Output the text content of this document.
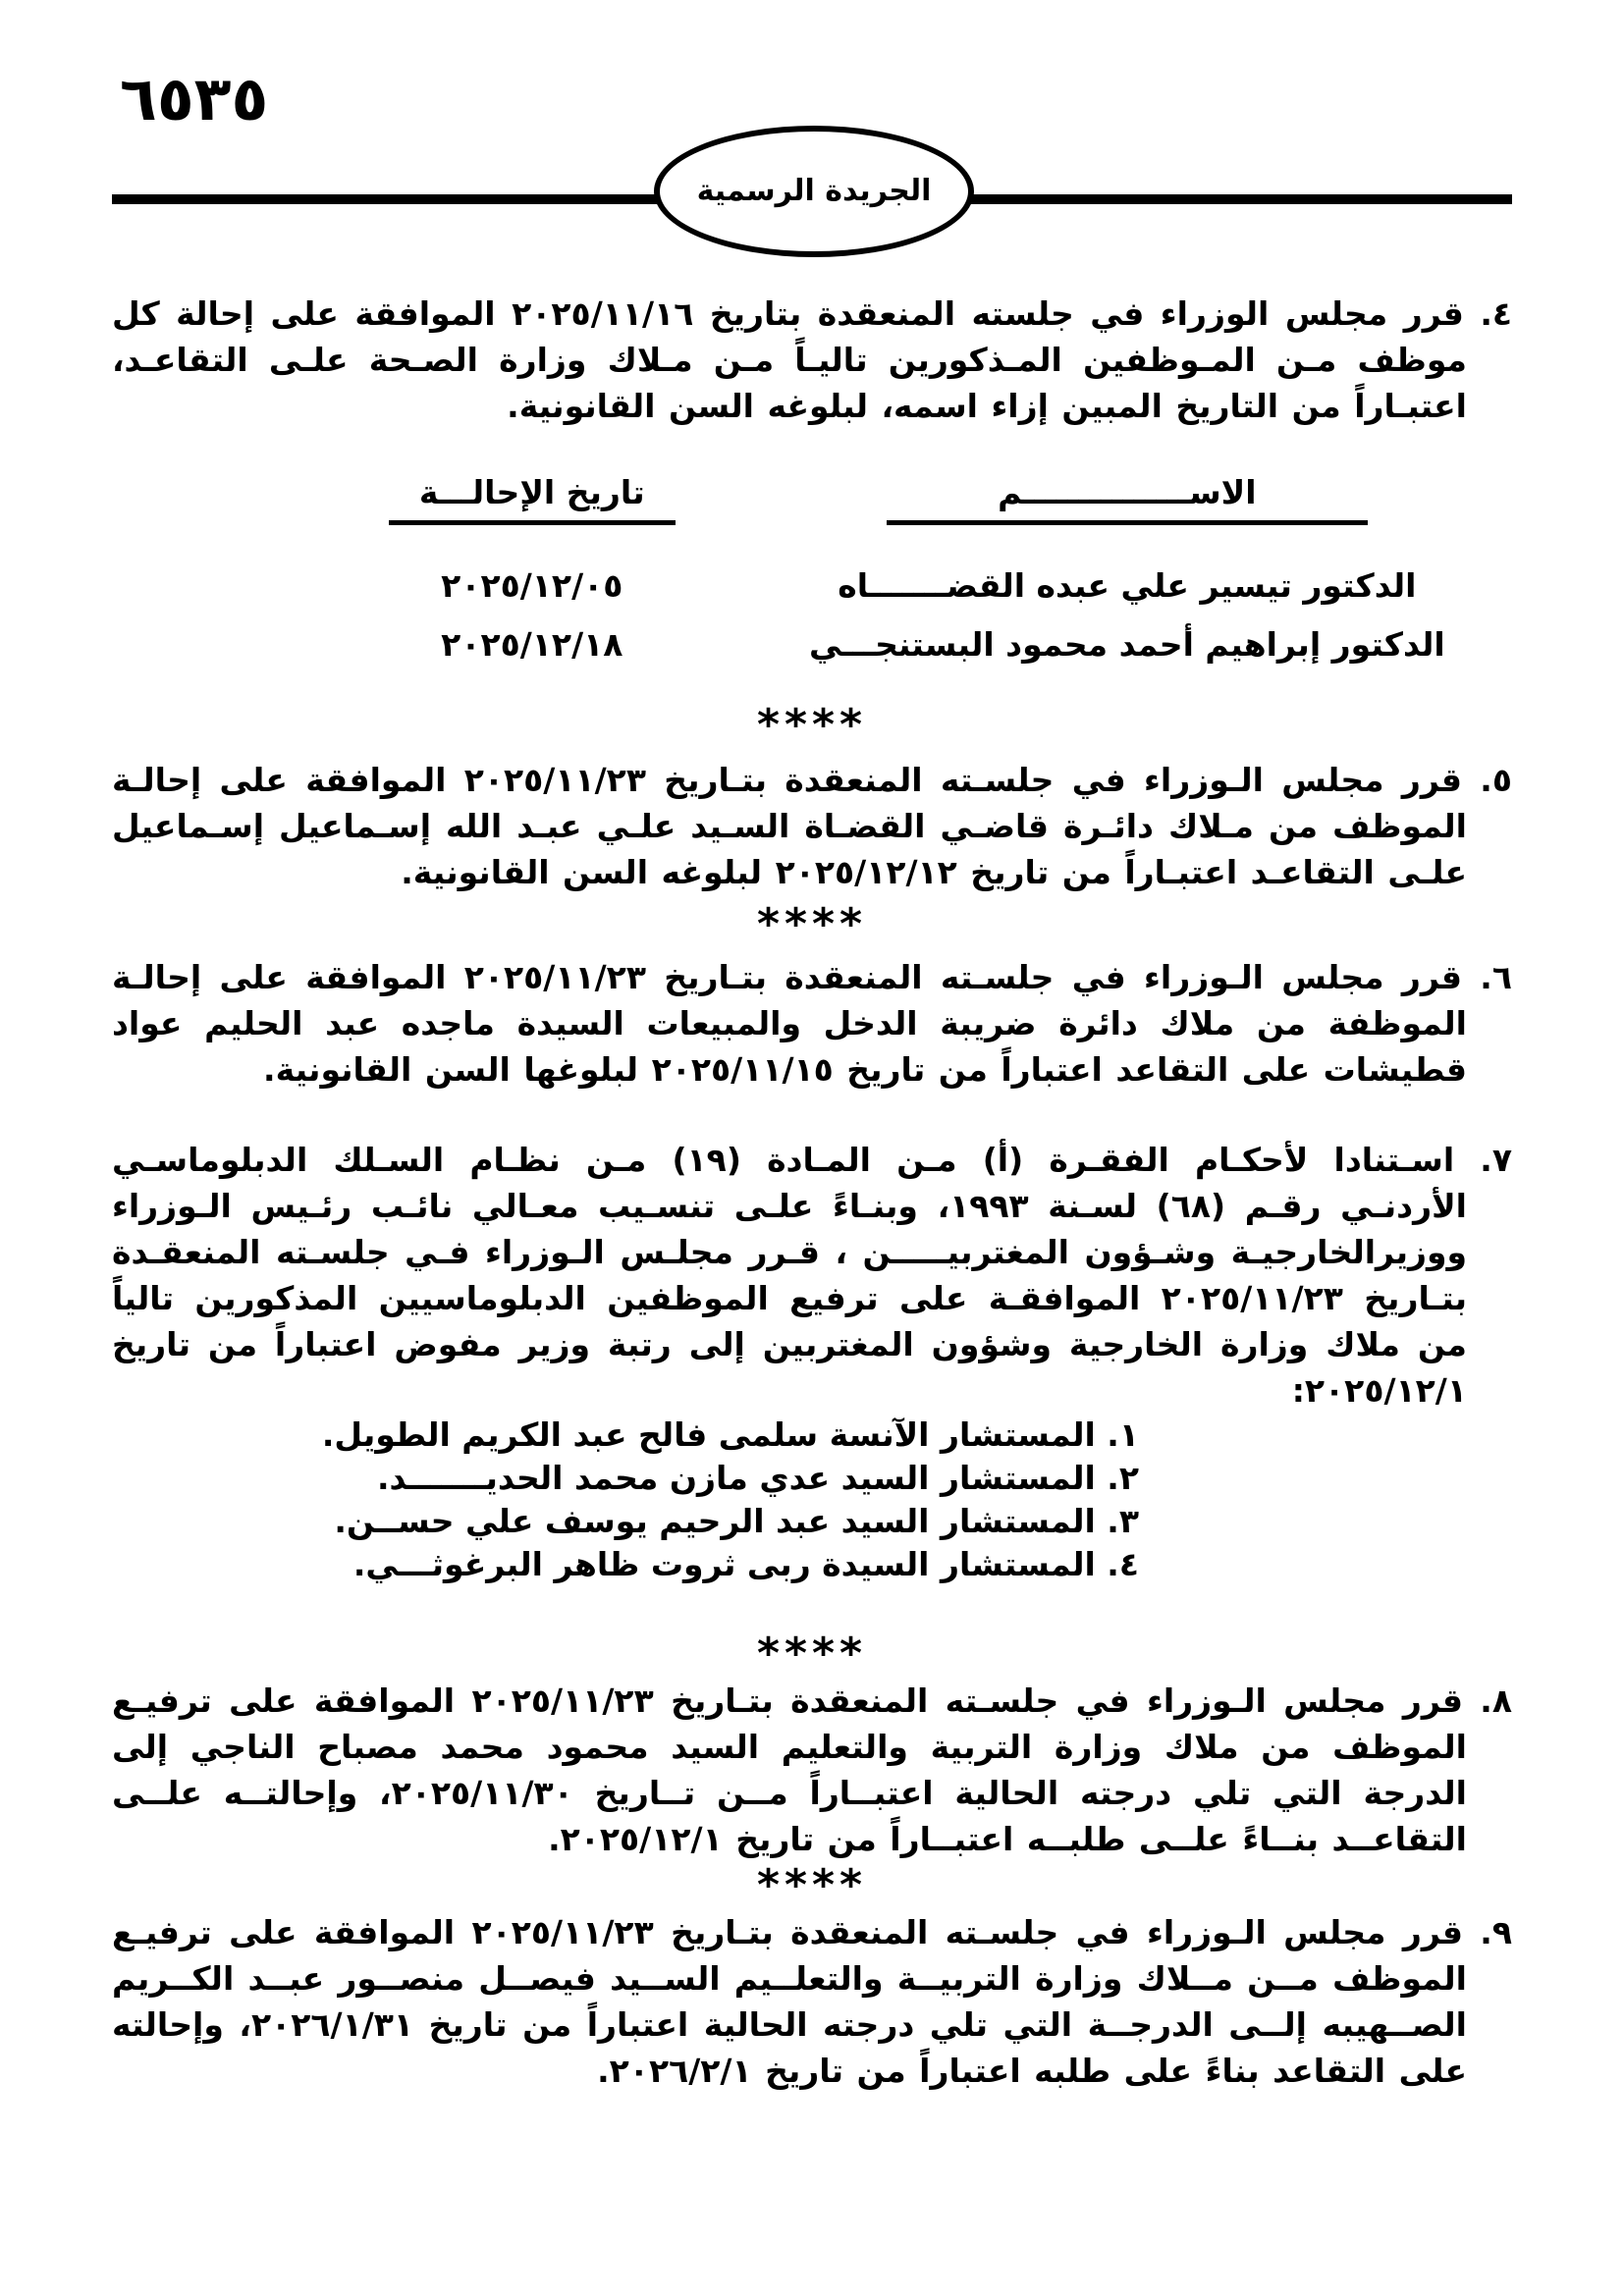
٦٥٣٥
الجريدة الرسمية

٤. قرر مجلس الوزراء في جلسته المنعقدة بتاريخ ٢٠٢٥/١١/١٦ الموافقة على إحالة كل موظف مـن المـوظفين المـذكورين تاليـاً مـن مـلاك وزارة الصـحة علـى التقاعـد، اعتبـاراً من التاريخ المبين إزاء اسمه، لبلوغه السن القانونية.

الاســـــــــــــــم
تاريخ الإحالـــة
الدكتور تيسير علي عبده القضـــــــاه
٢٠٢٥/١٢/٠٥
الدكتور إبراهيم أحمد محمود البستنجـــي
٢٠٢٥/١٢/١٨
****

٥. قرر مجلس الـوزراء في جلسـته المنعقدة بتـاريخ ٢٠٢٥/١١/٢٣ الموافقة على إحالـة الموظف من مـلاك دائـرة قاضـي القضـاة السـيد علـي عبـد الله إسـماعيل إسـماعيل علـى التقاعـد اعتبـاراً من تاريخ ٢٠٢٥/١٢/١٢ لبلوغه السن القانونية.

****

٦. قرر مجلس الـوزراء في جلسـته المنعقدة بتـاريخ ٢٠٢٥/١١/٢٣ الموافقة على إحالـة الموظفة من ملاك دائرة ضريبة الدخل والمبيعات السيدة ماجده عبد الحليم عواد قطيشات على التقاعد اعتباراً من تاريخ ٢٠٢٥/١١/١٥ لبلوغها السن القانونية.

٧. اسـتنادا لأحكـام الفقـرة (أ) مـن المـادة (١٩) مـن نظـام السـلك الدبلوماسـي الأردنـي رقـم (٦٨) لسـنة ١٩٩٣، وبنـاءً علـى تنسـيب معـالي نائـب رئـيس الـوزراء ووزيرالخارجيـة وشـؤون المغتربيـــــن ، قـرر مجلـس الـوزراء فـي جلسـته المنعقـدة بتـاريخ ٢٠٢٥/١١/٢٣ الموافقـة على ترفيع الموظفين الدبلوماسيين المذكورين تالياً من ملاك وزارة الخارجية وشؤون المغتربين إلى رتبة وزير مفوض اعتباراً من تاريخ ٢٠٢٥/١٢/١:

١. المستشار الآنسة سلمى فالح عبد الكريم الطويل.
٢. المستشار السيد عدي مازن محمد الحديـــــــد.
٣. المستشار السيد عبد الرحيم يوسف علي حســن.
٤. المستشار السيدة ربى ثروت ظاهر البرغوثـــي.
****

٨. قرر مجلس الـوزراء في جلسـته المنعقدة بتـاريخ ٢٠٢٥/١١/٢٣ الموافقة على ترفيـع الموظف من ملاك وزارة التربية والتعليم السيد محمود محمد مصباح الناجي إلى الدرجة التي تلي درجته الحالية اعتبــاراً مــن تــاريخ ٢٠٢٥/١١/٣٠، وإحالتــه علــى التقاعــد بنــاءً علــى طلبــه اعتبــاراً من تاريخ ٢٠٢٥/١٢/١.

****

٩. قرر مجلس الـوزراء في جلسـته المنعقدة بتـاريخ ٢٠٢٥/١١/٢٣ الموافقة على ترفيـع الموظف مــن مــلاك وزارة التربيــة والتعلــيم الســيد فيصــل منصــور عبــد الكــريم الصــهيبه إلــى الدرجــة التي تلي درجته الحالية اعتباراً من تاريخ ٢٠٢٦/١/٣١، وإحالته على التقاعد بناءً على طلبه اعتباراً من تاريخ ٢٠٢٦/٢/١.
